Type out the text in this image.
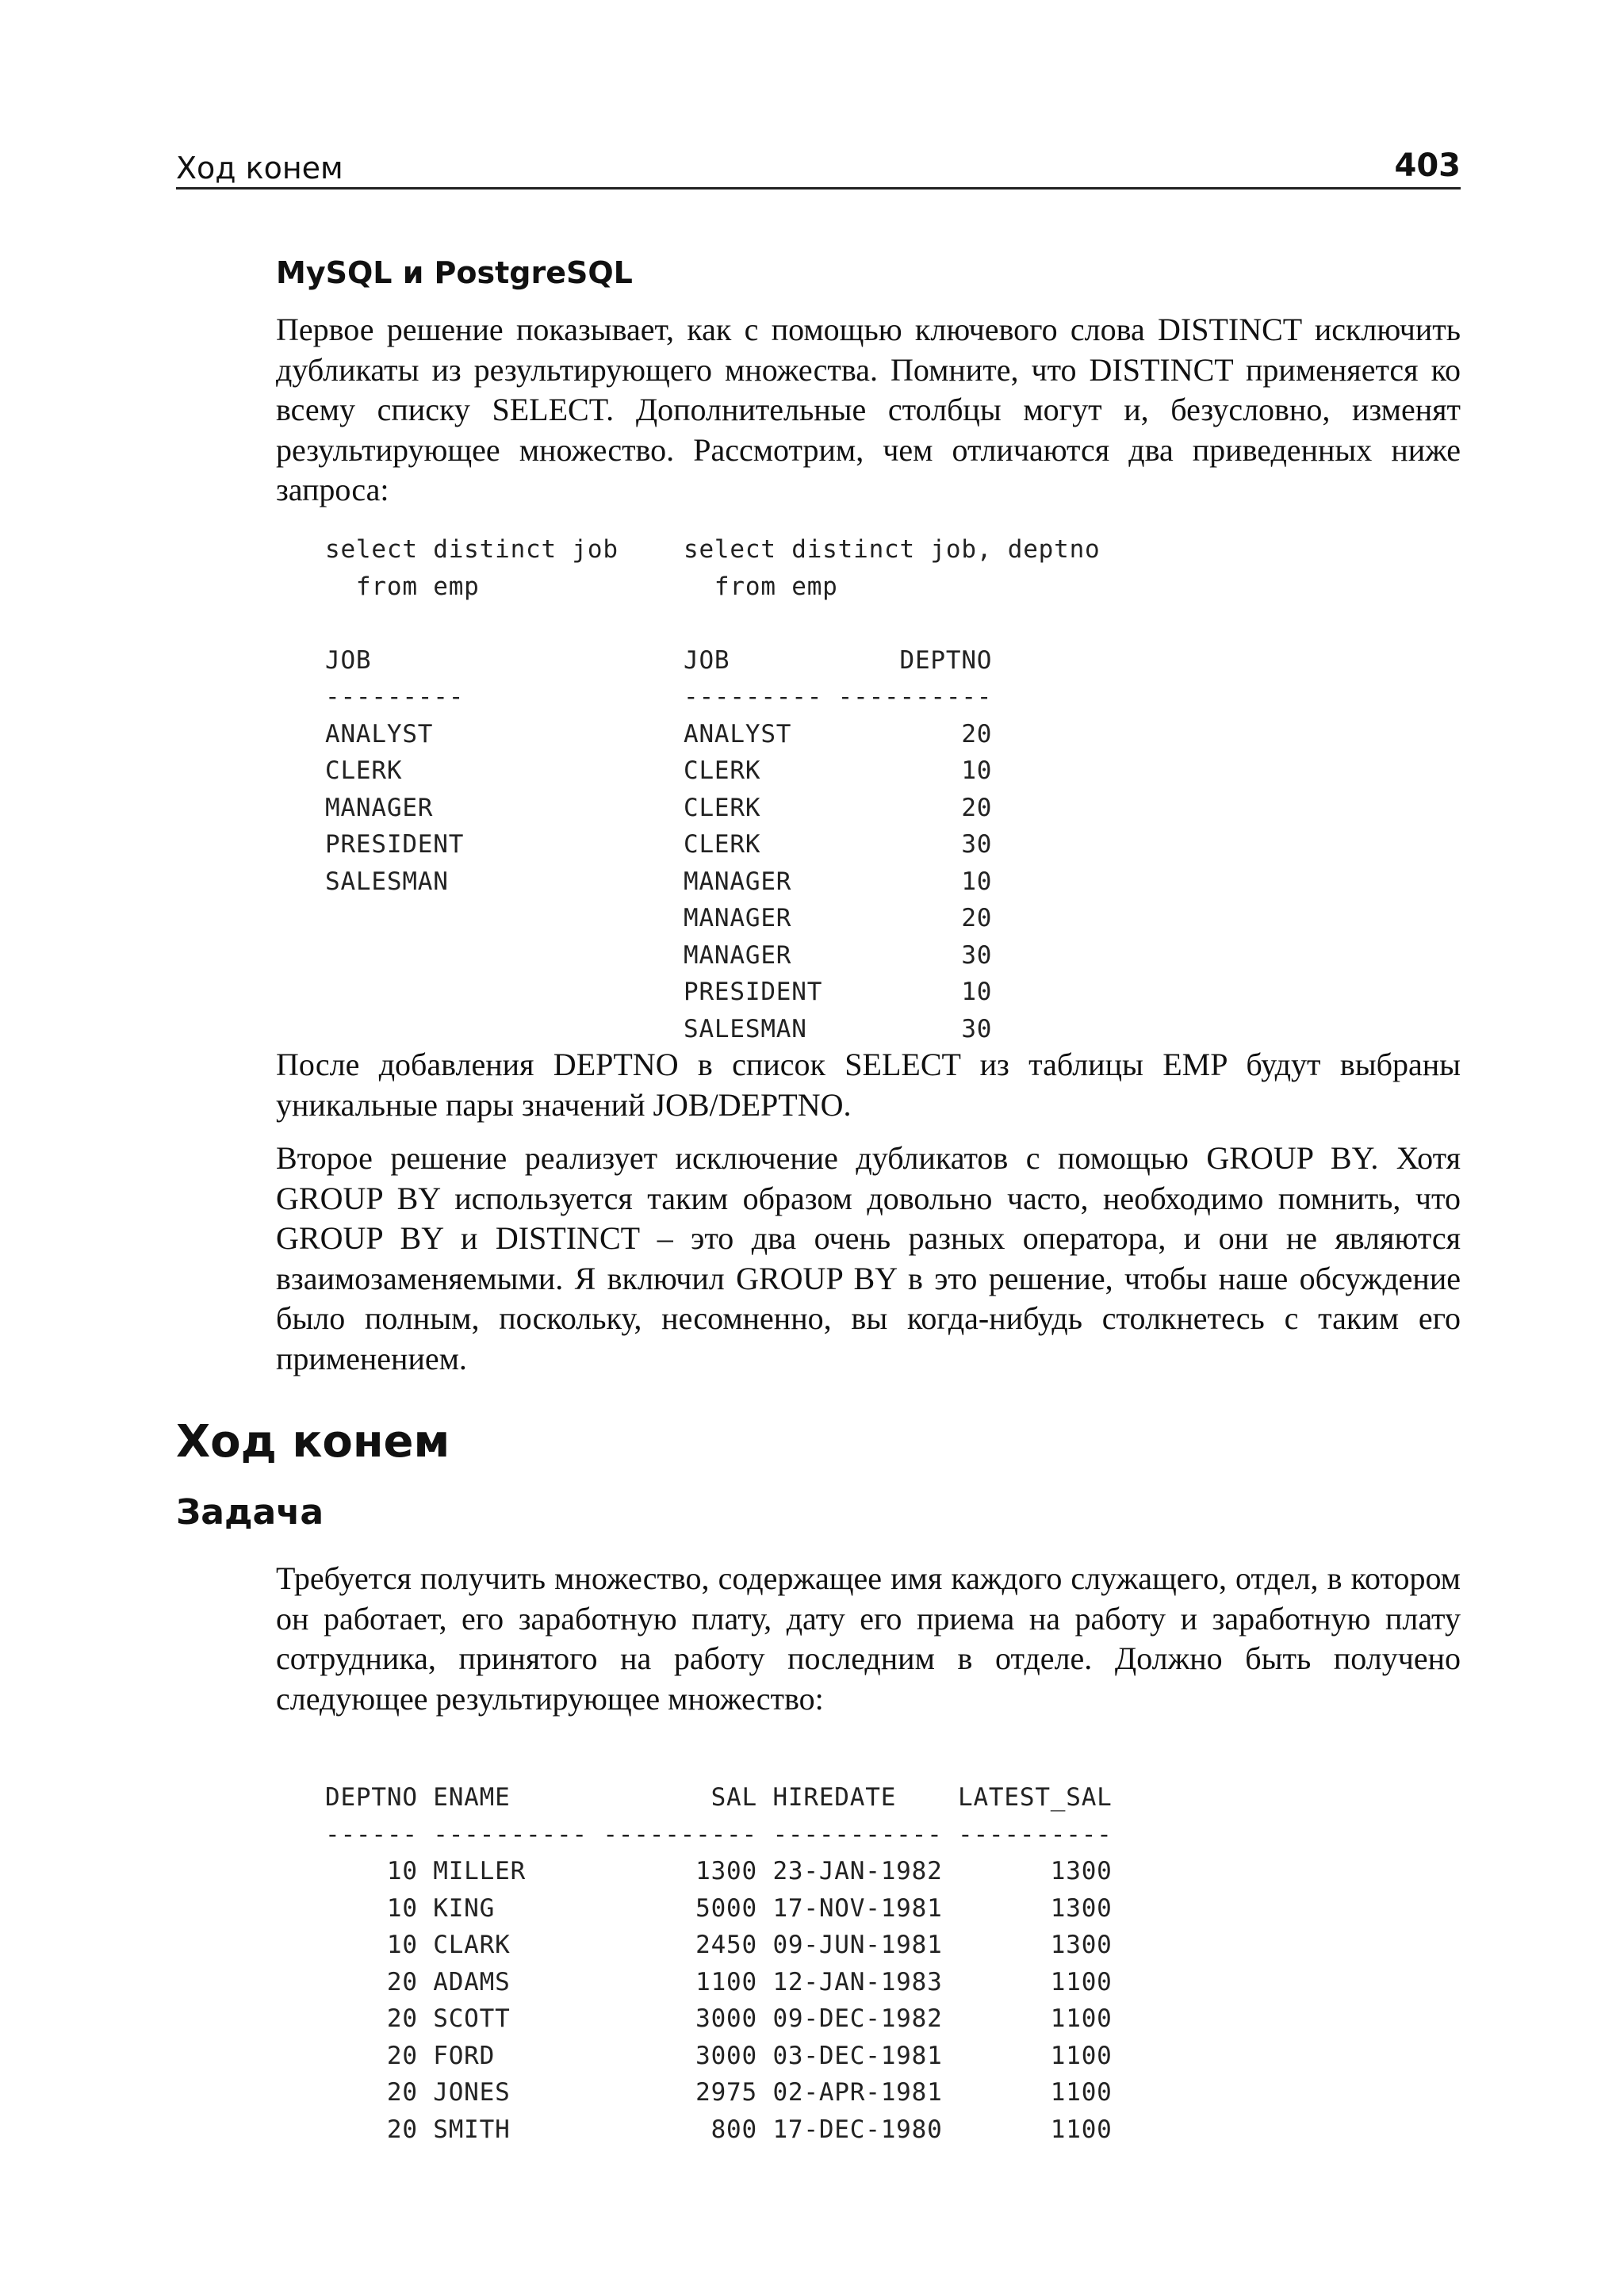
Ход конем	403
MySQL и PostgreSQL
Первое решение показывает, как с помощью ключевого слова DISTINCT исключить дубликаты из результирующего множества. Помните, что DISTINCT применяется ко всему списку SELECT. Дополнительные столбцы могут и, безусловно, изменят результирующее множество. Рассмотрим, чем отличаются два приведенных ниже запроса:
select distinct job
from emp

JOB
---------
ANALYST
CLERK
MANAGER
PRESIDENT
SALESMAN
select distinct job, deptno
from emp

JOB           DEPTNO
--------- ----------
ANALYST           20
CLERK             10
CLERK             20
CLERK             30
MANAGER           10
MANAGER           20
MANAGER           30
PRESIDENT         10
SALESMAN          30
После добавления DEPTNO в список SELECT из таблицы EMP будут выбраны уникальные пары значений JOB/DEPTNO.
Второе решение реализует исключение дубликатов с помощью GROUP BY. Хотя GROUP BY используется таким образом довольно часто, необходимо помнить, что GROUP BY и DISTINCT – это два очень разных оператора, и они не являются взаимозаменяемыми. Я включил GROUP BY в это решение, чтобы наше обсуждение было полным, поскольку, несомненно, вы когда-нибудь столкнетесь с таким его применением.
Ход конем
Задача
Требуется получить множество, содержащее имя каждого служащего, отдел, в котором он работает, его заработную плату, дату его приема на работу и заработную плату сотрудника, принятого на работу последним в отделе. Должно быть получено следующее результирующее множество:
DEPTNO ENAME             SAL HIREDATE    LATEST_SAL
------ ---------- ---------- ----------- ----------
10 MILLER           1300 23-JAN-1982       1300
10 KING             5000 17-NOV-1981       1300
10 CLARK            2450 09-JUN-1981       1300
20 ADAMS            1100 12-JAN-1983       1100
20 SCOTT            3000 09-DEC-1982       1100
20 FORD             3000 03-DEC-1981       1100
20 JONES            2975 02-APR-1981       1100
20 SMITH             800 17-DEC-1980       1100
